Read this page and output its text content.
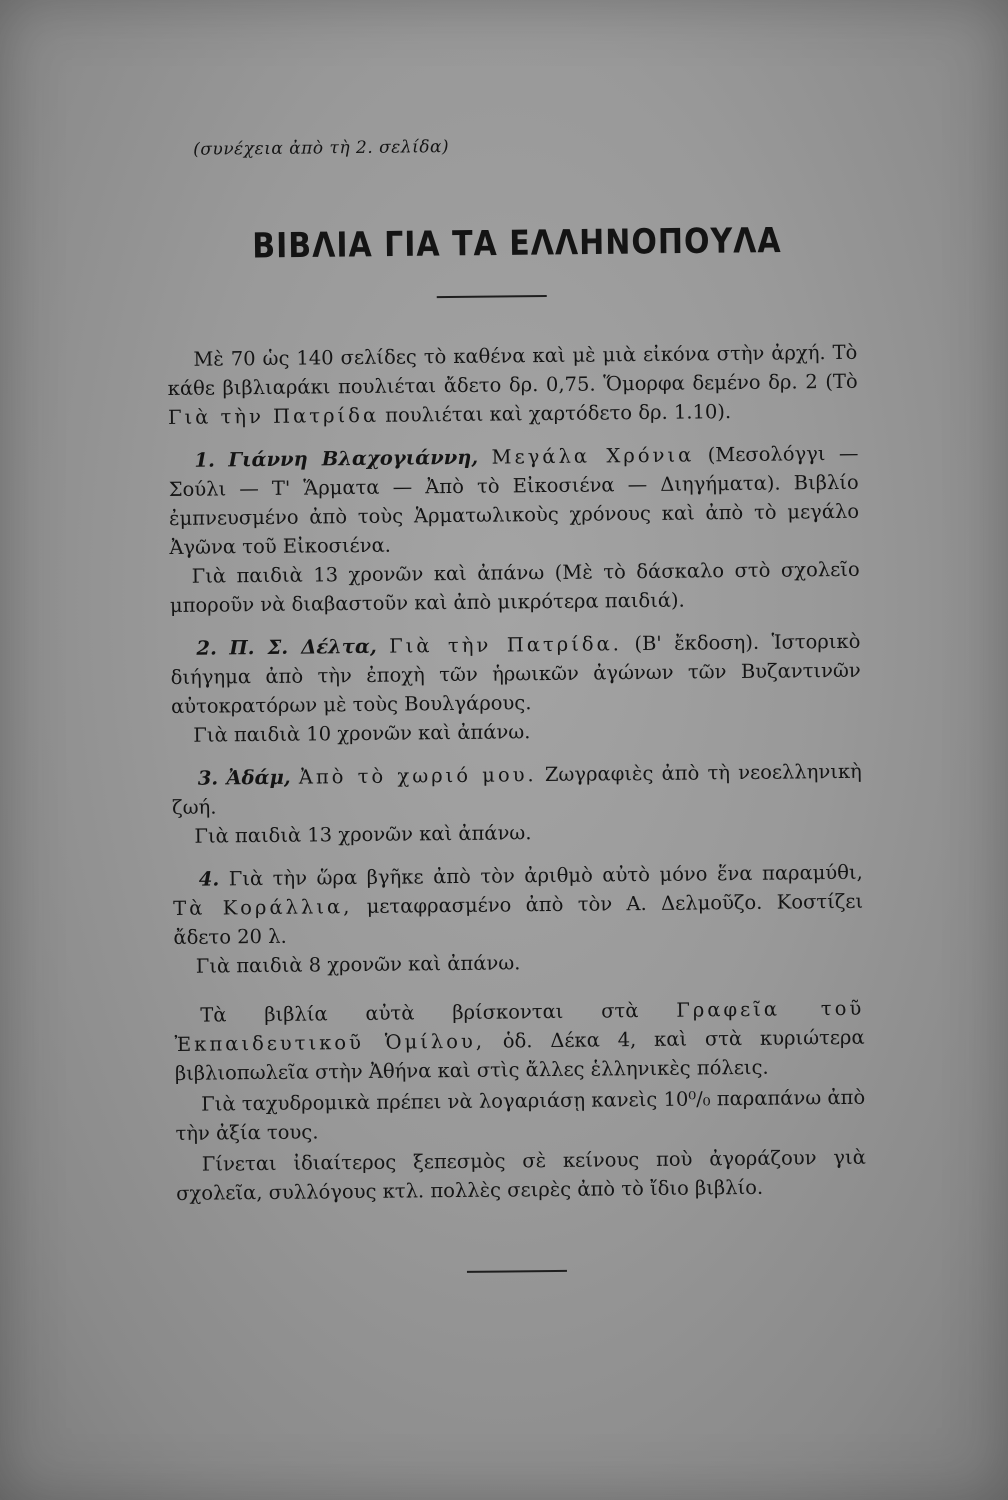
(συνέχεια ἀπὸ τὴ 2. σελίδα)
ΒΙΒΛΙΑ ΓΙΑ ΤΑ ΕΛΛΗΝΟΠΟΥΛΑ
Μὲ 70 ὡς 140 σελίδες τὸ καθένα καὶ μὲ μιὰ εἰκόνα στὴν ἀρχή. Τὸ κάθε βιβλιαράκι πουλιέται ἄδετο δρ. 0,75. Ὅμορφα δεμένο δρ. 2 (Τὸ Γιὰ τὴν Πατρίδα πουλιέται καὶ χαρτόδετο δρ. 1.10).
1. Γιάννη Βλαχογιάννη, Μεγάλα Χρόνια (Μεσολόγγι — Σούλι — Τ' Ἅρματα — Ἀπὸ τὸ Εἰκοσιένα — Διηγήματα). Βιβλίο ἐμπνευσμένο ἀπὸ τοὺς Ἁρματωλικοὺς χρόνους καὶ ἀπὸ τὸ μεγάλο Ἀγῶνα τοῦ Εἰκοσιένα.
Γιὰ παιδιὰ 13 χρονῶν καὶ ἀπάνω (Μὲ τὸ δάσκαλο στὸ σχολεῖο μποροῦν νὰ διαβαστοῦν καὶ ἀπὸ μικρότερα παιδιά).
2. Π. Σ. Δέλτα, Γιὰ τὴν Πατρίδα. (Β' ἔκδοση). Ἱστορικὸ διήγημα ἀπὸ τὴν ἐποχὴ τῶν ἡρωικῶν ἀγώνων τῶν Βυζαντινῶν αὐτοκρατόρων μὲ τοὺς Βουλγάρους.
Γιὰ παιδιὰ 10 χρονῶν καὶ ἀπάνω.
3. Ἀδάμ, Ἀπὸ τὸ χωριό μου. Ζωγραφιὲς ἀπὸ τὴ νεοελληνικὴ ζωή.
Γιὰ παιδιὰ 13 χρονῶν καὶ ἀπάνω.
4. Γιὰ τὴν ὥρα βγῆκε ἀπὸ τὸν ἀριθμὸ αὐτὸ μόνο ἕνα παραμύθι, Τὰ Κοράλλια, μεταφρασμένο ἀπὸ τὸν Α. Δελμοῦζο. Κοστίζει ἄδετο 20 λ.
Γιὰ παιδιὰ 8 χρονῶν καὶ ἀπάνω.
Τὰ βιβλία αὐτὰ βρίσκονται στὰ Γραφεῖα τοῦ Ἐκπαιδευτικοῦ Ὁμίλου, ὁδ. Δέκα 4, καὶ στὰ κυριώτερα βιβλιοπωλεῖα στὴν Ἀθήνα καὶ στὶς ἄλλες ἑλληνικὲς πόλεις.
Γιὰ ταχυδρομικὰ πρέπει νὰ λογαριάσῃ κανεὶς 10⁰/₀ παραπάνω ἀπὸ τὴν ἀξία τους.
Γίνεται ἰδιαίτερος ξεπεσμὸς σὲ κείνους ποὺ ἀγοράζουν γιὰ σχολεῖα, συλλόγους κτλ. πολλὲς σειρὲς ἀπὸ τὸ ἴδιο βιβλίο.
